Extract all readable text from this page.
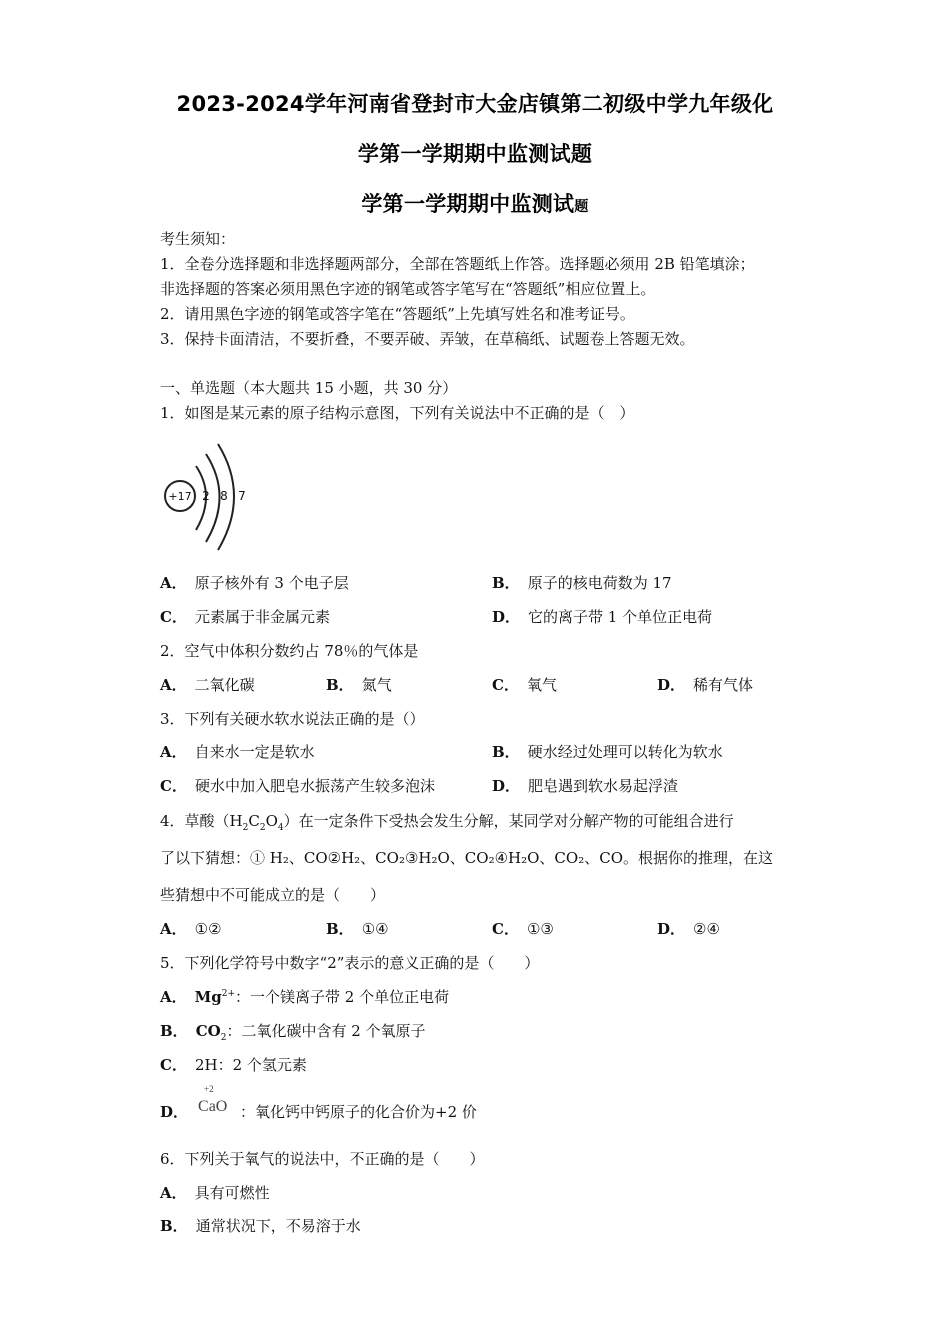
2023-2024学年河南省登封市大金店镇第二初级中学九年级化
学第一学期期中监测试题
学第一学期期中监测试题
考生须知：
1．全卷分选择题和非选择题两部分，全部在答题纸上作答。选择题必须用 2B 铅笔填涂；
非选择题的答案必须用黑色字迹的钢笔或答字笔写在“答题纸”相应位置上。
2．请用黑色字迹的钢笔或答字笔在“答题纸”上先填写姓名和准考证号。
3．保持卡面清洁，不要折叠，不要弄破、弄皱，在草稿纸、试题卷上答题无效。
一、单选题（本大题共 15 小题，共 30 分）
1．如图是某元素的原子结构示意图，下列有关说法中不正确的是（　）
+17 2 8 7
A． 原子核外有 3 个电子层	B． 原子的核电荷数为 17
C． 元素属于非金属元素	D． 它的离子带 1 个单位正电荷
2．空气中体积分数约占 78％的气体是
A． 二氧化碳	B． 氮气	C． 氧气	D． 稀有气体
3．下列有关硬水软水说法正确的是（）
A． 自来水一定是软水	B． 硬水经过处理可以转化为软水
C． 硬水中加入肥皂水振荡产生较多泡沫	D． 肥皂遇到软水易起浮渣
4．草酸$(H_2C_2O_4)$在一定条件下受热会发生分解，某同学对分解产物的可能组合进行
了以下猜想：① H₂、CO②H₂、CO₂③H₂O、CO₂④H₂O、CO₂、CO。根据你的推理，在这
些猜想中不可能成立的是（　　）
A． ①②	B． ①④	C． ①③	D． ②④
5．下列化学符号中数字“2”表示的意义正确的是（　　）
A． $Mg^{2+}$：一个镁离子带 2 个单位正电荷
B． $CO_2$：二氧化碳中含有 2 个氧原子
C． 2H：2 个氢元素
D．
+2
CaO ：氧化钙中钙原子的化合价为+2 价
6．下列关于氧气的说法中，不正确的是（　　）
A． 具有可燃性
B． 通常状况下，不易溶于水
